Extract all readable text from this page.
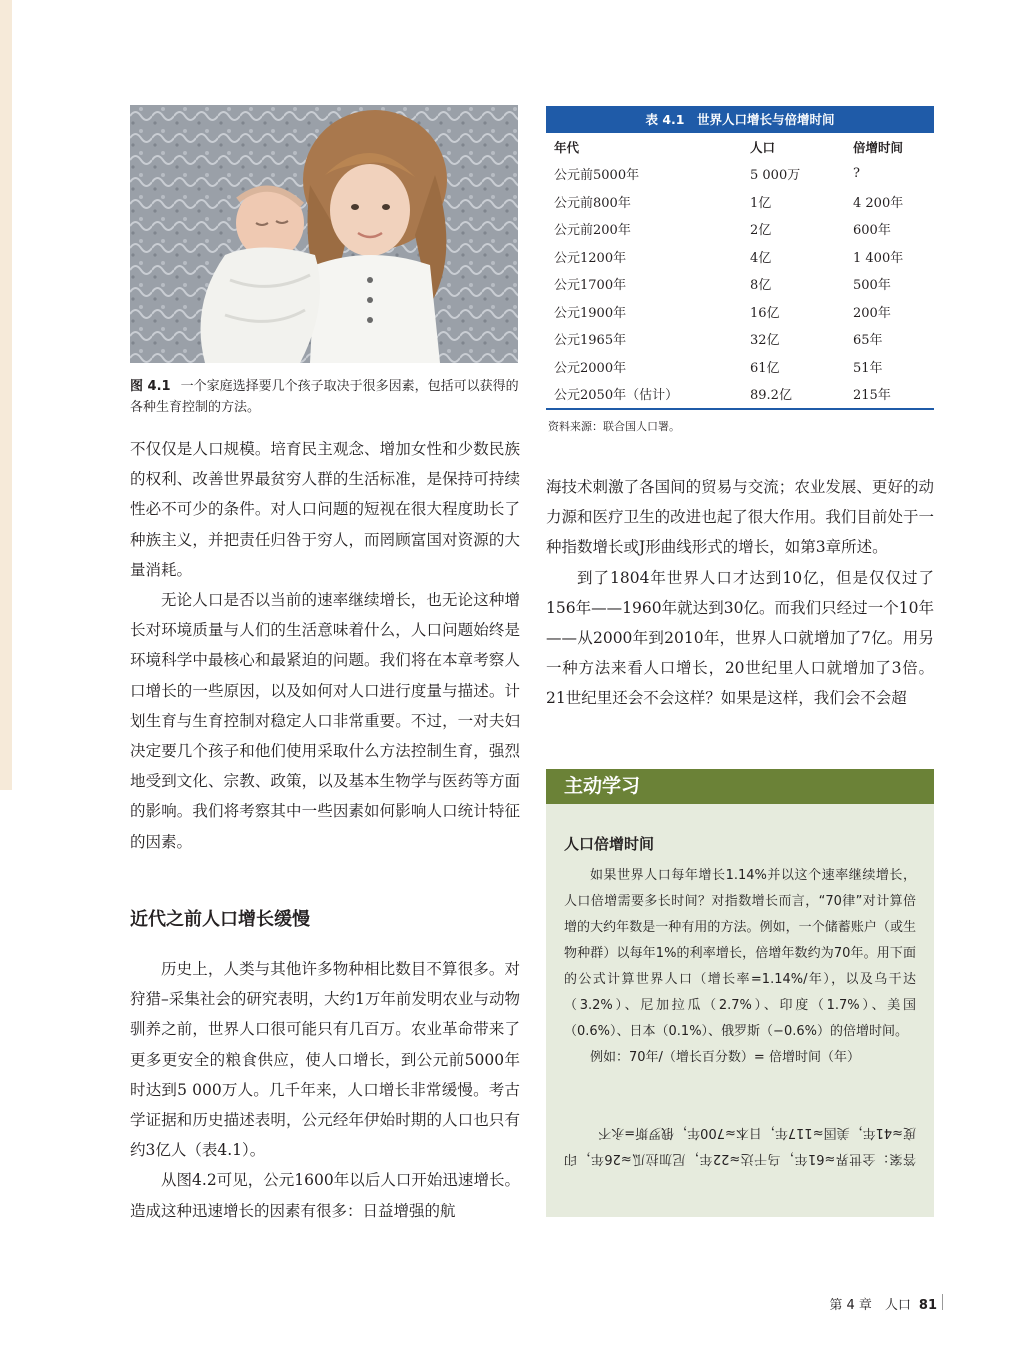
图 4.1 一个家庭选择要几个孩子取决于很多因素，包括可以获得的各种生育控制的方法。
表 4.1　世界人口增长与倍增时间
年代	人口	倍增时间
公元前5000年	5 000万	?
公元前800年	1亿	4 200年
公元前200年	2亿	600年
公元1200年	4亿	1 400年
公元1700年	8亿	500年
公元1900年	16亿	200年
公元1965年	32亿	65年
公元2000年	61亿	51年
公元2050年（估计）	89.2亿	215年
资料来源：联合国人口署。

不仅仅是人口规模。培育民主观念、增加女性和少数民族的权利、改善世界最贫穷人群的生活标准，是保持可持续性必不可少的条件。对人口问题的短视在很大程度助长了种族主义，并把责任归咎于穷人，而罔顾富国对资源的大量消耗。

无论人口是否以当前的速率继续增长，也无论这种增长对环境质量与人们的生活意味着什么，人口问题始终是环境科学中最核心和最紧迫的问题。我们将在本章考察人口增长的一些原因，以及如何对人口进行度量与描述。计划生育与生育控制对稳定人口非常重要。不过，一对夫妇决定要几个孩子和他们使用采取什么方法控制生育，强烈地受到文化、宗教、政策，以及基本生物学与医药等方面的影响。我们将考察其中一些因素如何影响人口统计特征的因素。

近代之前人口增长缓慢

历史上，人类与其他许多物种相比数目不算很多。对狩猎–采集社会的研究表明，大约1万年前发明农业与动物驯养之前，世界人口很可能只有几百万。农业革命带来了更多更安全的粮食供应，使人口增长，到公元前5000年时达到5 000万人。几千年来，人口增长非常缓慢。考古学证据和历史描述表明，公元经年伊始时期的人口也只有约3亿人（表4.1）。

从图4.2可见，公元1600年以后人口开始迅速增长。造成这种迅速增长的因素有很多：日益增强的航

海技术刺激了各国间的贸易与交流；农业发展、更好的动力源和医疗卫生的改进也起了很大作用。我们目前处于一种指数增长或J形曲线形式的增长，如第3章所述。

到了1804年世界人口才达到10亿，但是仅仅过了156年——1960年就达到30亿。而我们只经过一个10年——从2000年到2010年，世界人口就增加了7亿。用另一种方法来看人口增长，20世纪里人口就增加了3倍。21世纪里还会不会这样？如果是这样，我们会不会超

主动学习
人口倍增时间

如果世界人口每年增长1.14%并以这个速率继续增长，人口倍增需要多长时间？对指数增长而言，“70律”对计算倍增的大约年数是一种有用的方法。例如，一个储蓄账户（或生物种群）以每年1%的利率增长，倍增年数约为70年。用下面的公式计算世界人口（增长率=1.14%/年），以及乌干达（3.2%）、尼加拉瓜（2.7%）、印度（1.7%）、美国（0.6%）、日本（0.1%）、俄罗斯（−0.6%）的倍增时间。

例如：70年/（增长百分数）= 倍增时间（年）

答案：全世界≈61年，乌干达≈22年，尼加拉瓜≈26年，印度≈41年，美国≈117年，日本≈700年，俄罗斯=永不
第 4 章　人口 81
